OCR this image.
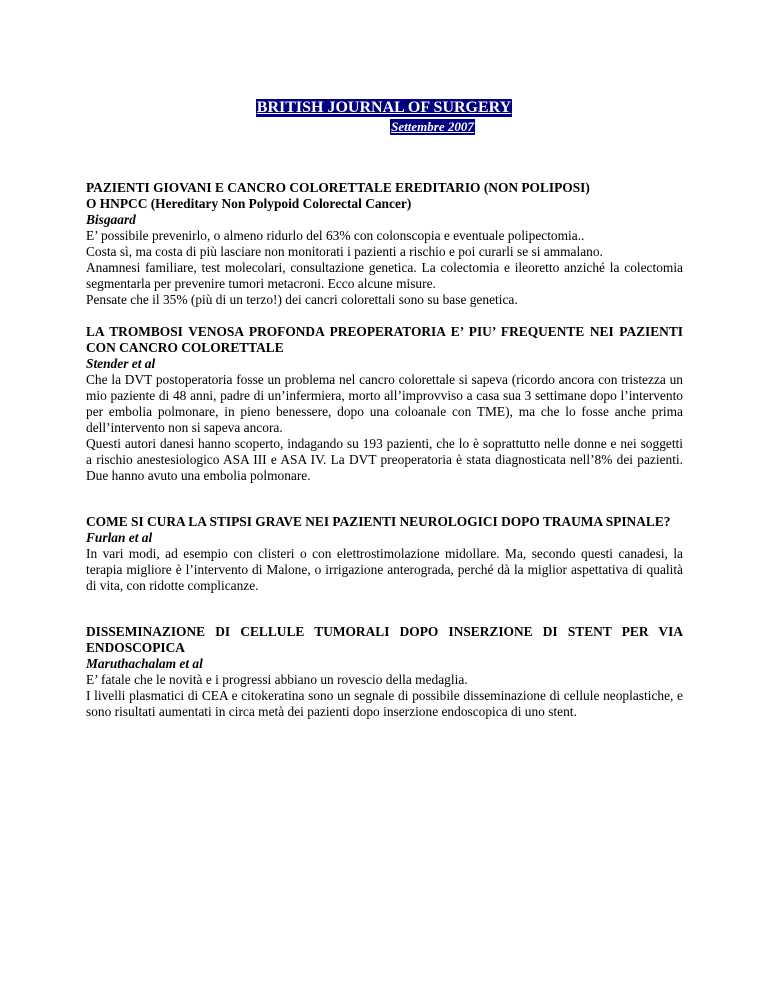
BRITISH JOURNAL OF SURGERY
Settembre 2007

PAZIENTI GIOVANI E CANCRO COLORETTALE EREDITARIO (NON POLIPOSI)

O HNPCC (Hereditary Non Polypoid Colorectal Cancer)

Bisgaard

E’ possibile prevenirlo, o almeno ridurlo del 63% con colonscopia e eventuale polipectomia..

Costa sì, ma costa di più lasciare non monitorati i pazienti a rischio e poi curarli se si ammalano.

Anamnesi familiare, test molecolari, consultazione genetica. La colectomia e ileoretto anziché la colectomia segmentarla per prevenire tumori metacroni. Ecco alcune misure.

Pensate che il 35% (più di un terzo!) dei cancri colorettali sono su base genetica.

LA TROMBOSI VENOSA PROFONDA PREOPERATORIA E’ PIU’ FREQUENTE NEI PAZIENTI CON CANCRO COLORETTALE

Stender et al

Che la DVT postoperatoria fosse un problema nel cancro colorettale si sapeva (ricordo ancora con tristezza un mio paziente di 48 anni, padre di un’infermiera, morto all’improvviso a casa sua 3 settimane dopo l’intervento per embolia polmonare, in pieno benessere, dopo una coloanale con TME), ma che lo fosse anche prima dell’intervento non si sapeva ancora.

Questi autori danesi hanno scoperto, indagando su 193 pazienti, che lo è soprattutto nelle donne e nei soggetti a rischio anestesiologico ASA III e ASA IV. La DVT preoperatoria è stata diagnosticata nell’8% dei pazienti. Due hanno avuto una embolia polmonare.

COME SI CURA LA STIPSI GRAVE NEI PAZIENTI NEUROLOGICI DOPO TRAUMA SPINALE?

Furlan et al

In vari modi, ad esempio con clisteri o con elettrostimolazione midollare. Ma, secondo questi canadesi, la terapia migliore è l’intervento di Malone, o irrigazione anterograda, perché dà la miglior aspettativa di qualità di vita, con ridotte complicanze.

DISSEMINAZIONE DI CELLULE TUMORALI DOPO INSERZIONE DI STENT PER VIA ENDOSCOPICA

Maruthachalam et al

E’ fatale che le novità e i progressi abbiano un rovescio della medaglia.

I livelli plasmatici di CEA e citokeratina sono un segnale di possibile disseminazione di cellule neoplastiche, e sono risultati aumentati in circa metà dei pazienti dopo inserzione endoscopica di uno stent.
